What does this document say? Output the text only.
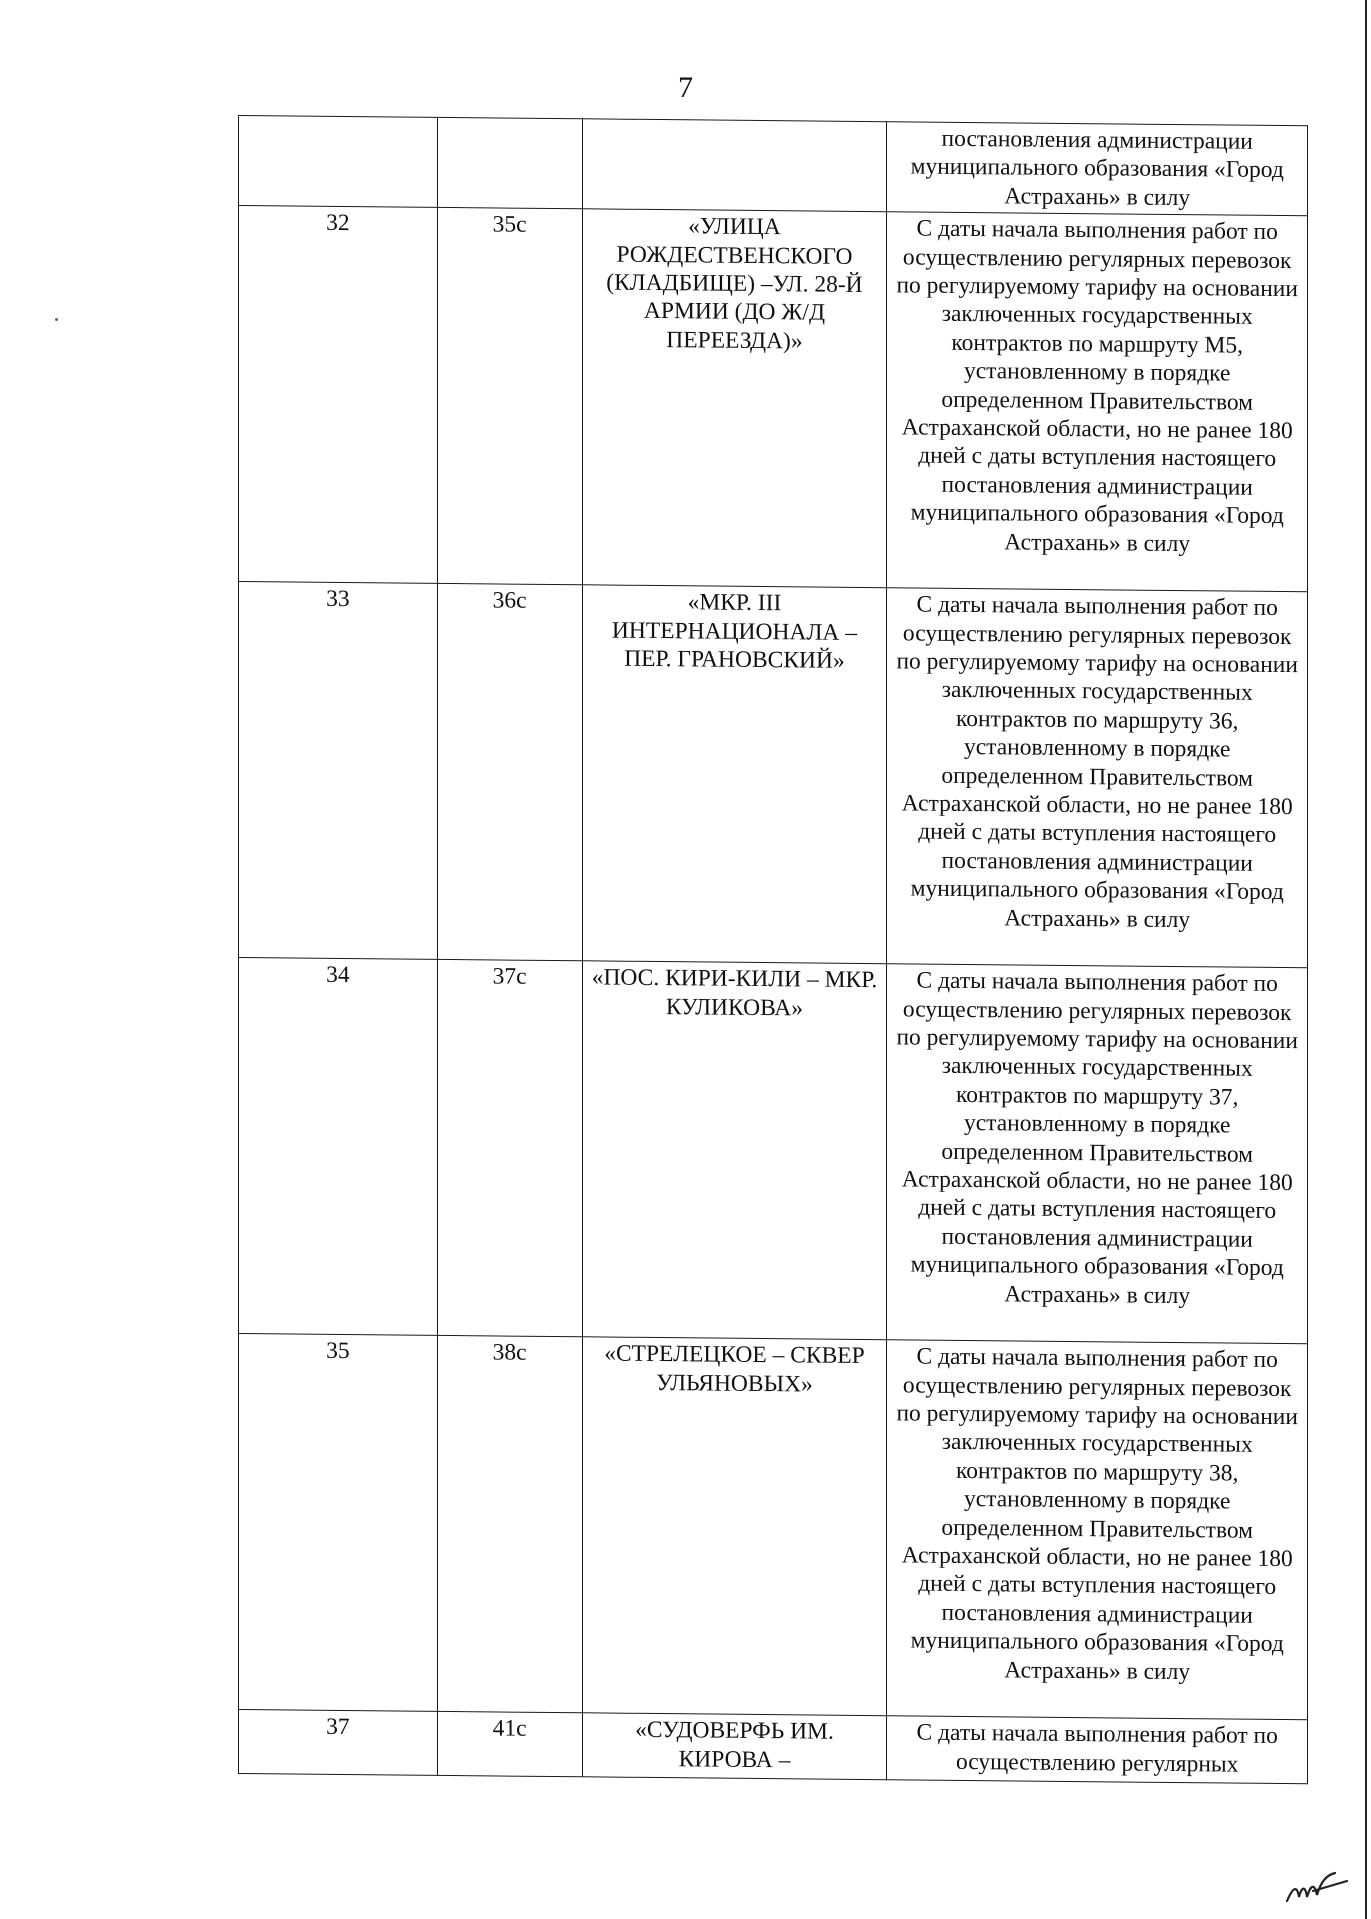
7
			постановления администрации муниципального образования «Город Астрахань» в силу
32	35с	«УЛИЦА РОЖДЕСТВЕНСКОГО (КЛАДБИЩЕ) –УЛ. 28-Й АРМИИ (ДО Ж/Д ПЕРЕЕЗДА)»	С даты начала выполнения работ по осуществлению регулярных перевозок по регулируемому тарифу на основании заключенных государственных контрактов по маршруту М5, установленному в порядке определенном Правительством Астраханской области, но не ранее 180 дней с даты вступления настоящего постановления администрации муниципального образования «Город Астрахань» в силу
33	36с	«МКР. III ИНТЕРНАЦИОНАЛА – ПЕР. ГРАНОВСКИЙ»	С даты начала выполнения работ по осуществлению регулярных перевозок по регулируемому тарифу на основании заключенных государственных контрактов по маршруту 36, установленному в порядке определенном Правительством Астраханской области, но не ранее 180 дней с даты вступления настоящего постановления администрации муниципального образования «Город Астрахань» в силу
34	37с	«ПОС. КИРИ-КИЛИ – МКР. КУЛИКОВА»	С даты начала выполнения работ по осуществлению регулярных перевозок по регулируемому тарифу на основании заключенных государственных контрактов по маршруту 37, установленному в порядке определенном Правительством Астраханской области, но не ранее 180 дней с даты вступления настоящего постановления администрации муниципального образования «Город Астрахань» в силу
35	38с	«СТРЕЛЕЦКОЕ – СКВЕР УЛЬЯНОВЫХ»	С даты начала выполнения работ по осуществлению регулярных перевозок по регулируемому тарифу на основании заключенных государственных контрактов по маршруту 38, установленному в порядке определенном Правительством Астраханской области, но не ранее 180 дней с даты вступления настоящего постановления администрации муниципального образования «Город Астрахань» в силу
37	41с	«СУДОВЕРФЬ ИМ. КИРОВА –	С даты начала выполнения работ по осуществлению регулярных
